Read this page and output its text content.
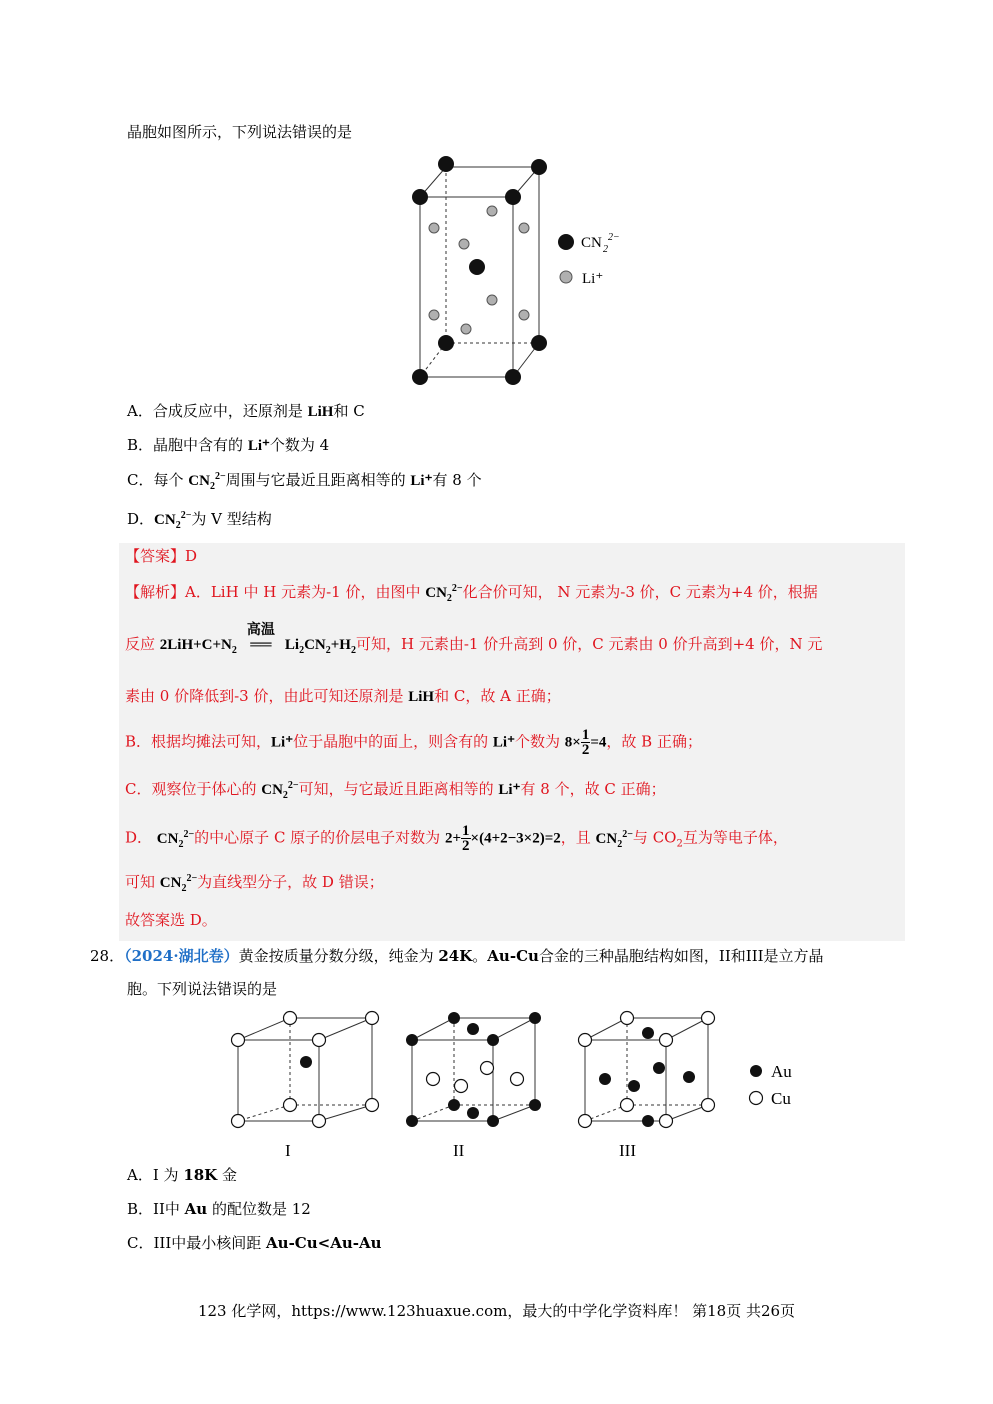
晶胞如图所示，下列说法错误的是
CN 2
2−
Li⁺
A．合成反应中，还原剂是 LiH和 C
B．晶胞中含有的 Li⁺个数为 4
C．每个 $CN_2^{2-}$周围与它最近且距离相等的 Li⁺有 8 个
D．$CN_2^{2-}$为 V 型结构
【答案】D
【解析】A．LiH 中 H 元素为-1 价，由图中 $CN_2^{2-}$化合价可知， N 元素为-3 价，C 元素为+4 价，根据
反应 $2LiH+C+N_2$
高温
══ $Li_2CN_2+H_2$可知，H 元素由-1 价升高到 0 价，C 元素由 0 价升高到+4 价，N 元
素由 0 价降低到-3 价，由此可知还原剂是 LiH和 C，故 A 正确；
B．根据均摊法可知，Li⁺位于晶胞中的面上，则含有的 Li⁺个数为 $8\times \frac{1}{2} =4$，故 B 正确；
C．观察位于体心的 $CN_2^{2-}$可知，与它最近且距离相等的 Li⁺有 8 个，故 C 正确；
D． $CN_2^{2-}$的中心原子 C 原子的价层电子对数为 $2+ \frac{1}{2} \times(4+2-3\times 2)=2$，且 $CN_2^{2-}$与 $CO_2$互为等电子体，
可知 $CN_2^{2-}$为直线型分子，故 D 错误；
故答案选 D。
28．（2024·湖北卷）黄金按质量分数分级，纯金为 24K。Au-Cu合金的三种晶胞结构如图，II和III是立方晶
胞。下列说法错误的是
I	II	III
Au
Cu
A．I 为 18K 金
B．II中 Au 的配位数是 12
C．III中最小核间距 Au-Cu<Au-Au
123 化学网，https://www.123huaxue.com，最大的中学化学资料库！ 第18页 共26页
